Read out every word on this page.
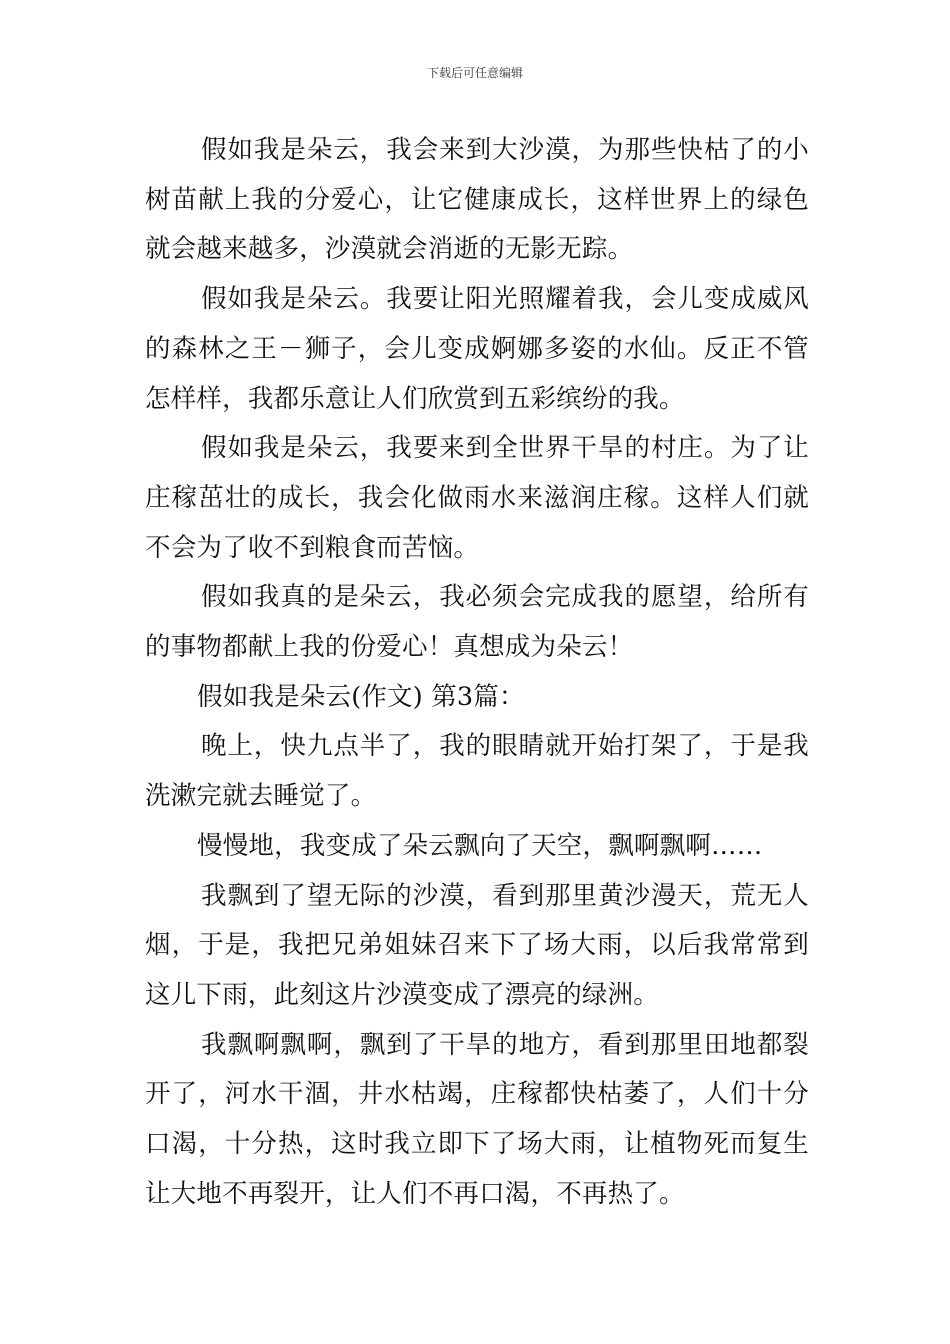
下载后可任意编辑

假如我是朵云，我会来到大沙漠，为那些快枯了的小树苗献上我的分爱心，让它健康成长，这样世界上的绿色就会越来越多，沙漠就会消逝的无影无踪。

假如我是朵云。我要让阳光照耀着我，会儿变成威风的森林之王－狮子，会儿变成婀娜多姿的水仙。反正不管怎样样，我都乐意让人们欣赏到五彩缤纷的我。

假如我是朵云，我要来到全世界干旱的村庄。为了让庄稼茁壮的成长，我会化做雨水来滋润庄稼。这样人们就不会为了收不到粮食而苦恼。

假如我真的是朵云，我必须会完成我的愿望，给所有的事物都献上我的份爱心！真想成为朵云！

假如我是朵云(作文) 第3篇：

晚上，快九点半了，我的眼睛就开始打架了，于是我洗漱完就去睡觉了。

慢慢地，我变成了朵云飘向了天空，飘啊飘啊……

我飘到了望无际的沙漠，看到那里黄沙漫天，荒无人烟，于是，我把兄弟姐妹召来下了场大雨，以后我常常到这儿下雨，此刻这片沙漠变成了漂亮的绿洲。

我飘啊飘啊，飘到了干旱的地方，看到那里田地都裂开了，河水干涸，井水枯竭，庄稼都快枯萎了，人们十分口渴，十分热，这时我立即下了场大雨，让植物死而复生让大地不再裂开，让人们不再口渴，不再热了。
